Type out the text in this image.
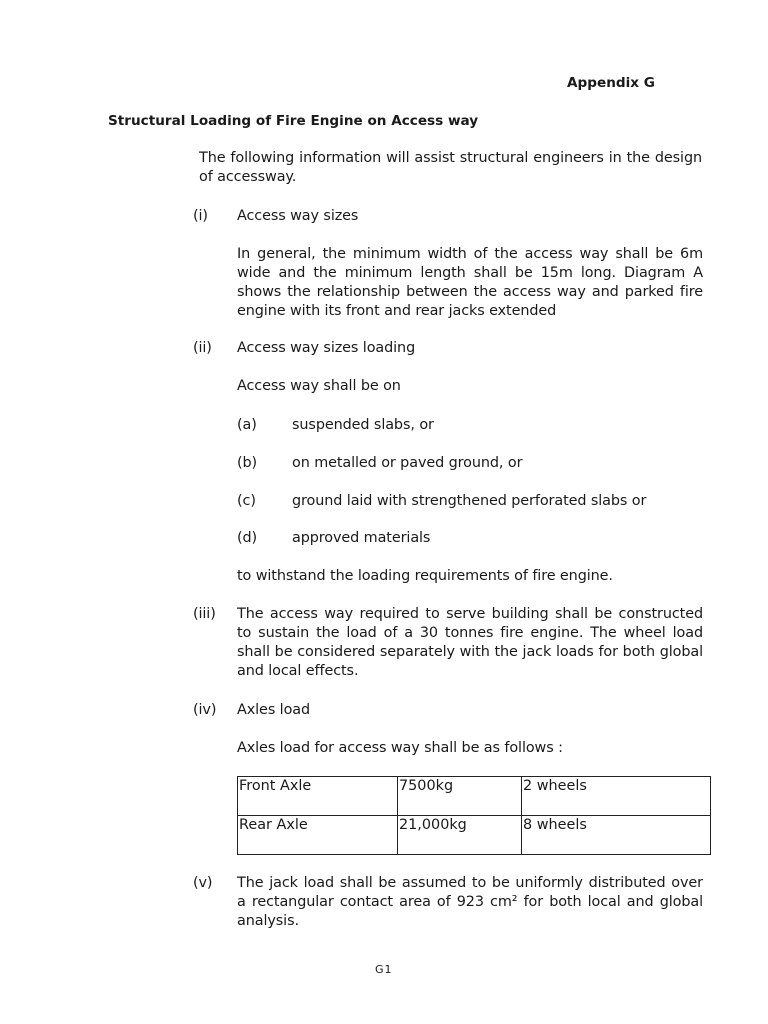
Appendix G
Structural Loading of Fire Engine on Access way
The following information will assist structural engineers in the design of accessway.
(i) Access way sizes
In general, the minimum width of the access way shall be 6m wide and the minimum length shall be 15m long. Diagram A shows the relationship between the access way and parked fire engine with its front and rear jacks extended
(ii) Access way sizes loading
Access way shall be on
(a) suspended slabs, or
(b) on metalled or paved ground, or
(c)	ground laid with strengthened perforated slabs or
(d) approved materials
to withstand the loading requirements of fire engine.
(iii) The access way required to serve building shall be constructed to sustain the load of a 30 tonnes fire engine. The wheel load shall be considered separately with the jack loads for both global and local effects.
(iv) Axles load
Axles load for access way shall be as follows :
Front Axle	7500kg	2 wheels
Rear Axle	21,000kg	8 wheels
(v) The jack load shall be assumed to be uniformly distributed over a rectangular contact area of 923 cm² for both local and global analysis.
G1
